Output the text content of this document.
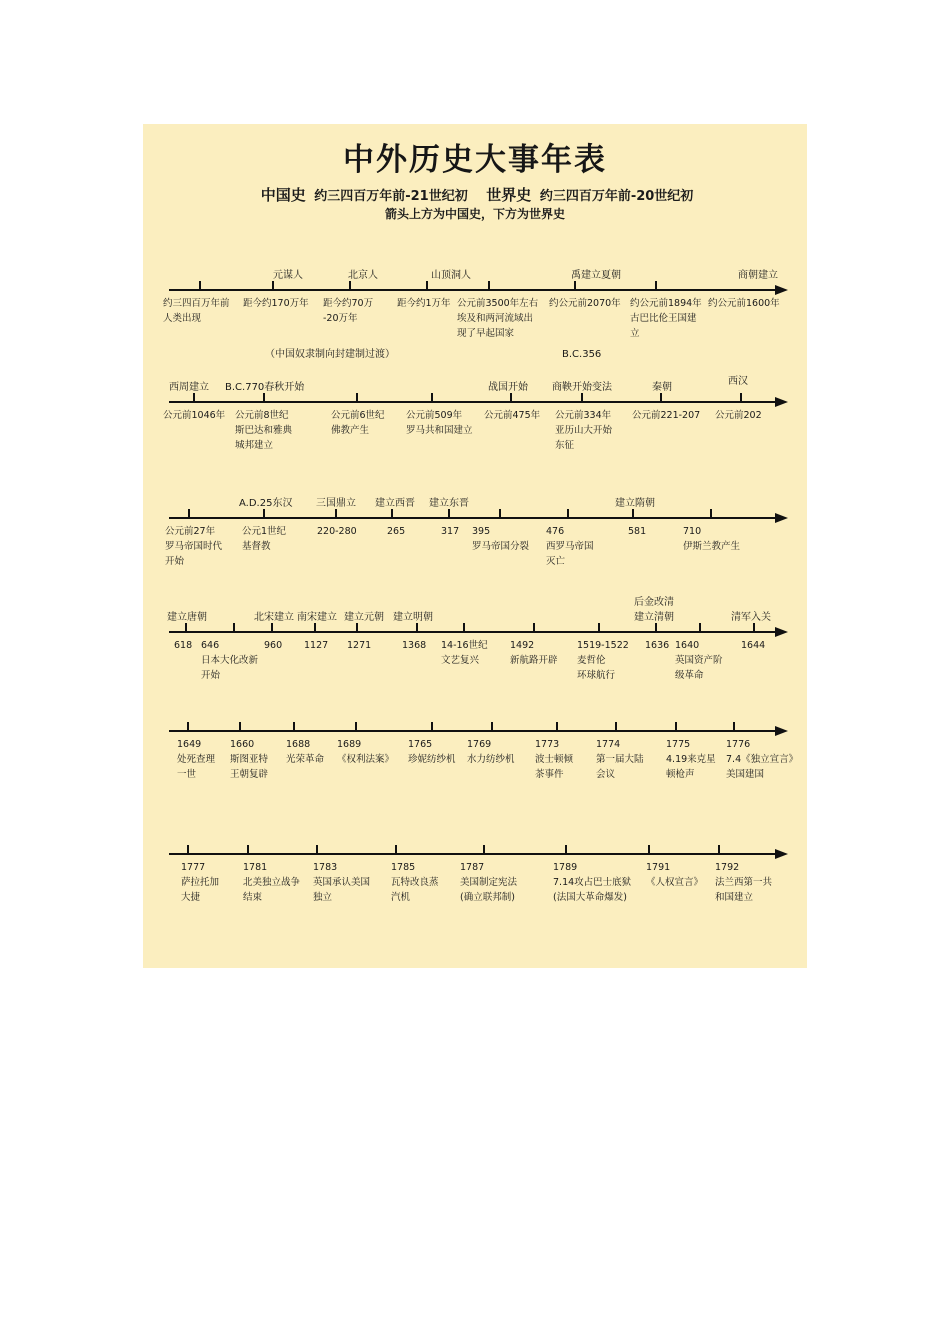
中外历史大事年表
中国史 约三四百万年前-21世纪初 世界史 约三四百万年前-20世纪初
箭头上方为中国史，下方为世界史
元谋人	北京人	山顶洞人	禹建立夏朝	商朝建立
约三四百万年前
人类出现
距今约170万年 距今约70万
-20万年
距今约1万年 公元前3500年左右
埃及和两河流域出
现了早起国家
约公元前2070年 约公元前1894年
古巴比伦王国建
立
约公元前1600年
（中国奴隶制向封建制过渡）
西周建立 B.C.770春秋开始
B.C.356
战国开始 商鞅开始变法	秦朝
西汉
公元前1046年 公元前8世纪
斯巴达和雅典
城邦建立
公元前6世纪
佛教产生
公元前509年
罗马共和国建立
公元前475年 公元前334年
亚历山大开始
东征
公元前221-207 公元前202
A.D.25东汉 三国鼎立 建立西晋 建立东晋	建立隋朝
公元前27年
罗马帝国时代
开始
公元1世纪
基督教
220-280	265	317 395
罗马帝国分裂
476
西罗马帝国
灭亡
581	710
伊斯兰教产生
建立唐朝	北宋建立 南宋建立 建立元朝 建立明朝
后金改清
建立清朝	清军入关
618 646
日本大化改新
开始
960 1127 1271	1368 14-16世纪
文艺复兴
1492
新航路开辟
1519-1522
麦哲伦
环球航行
1636 1640
英国资产阶
级革命
1644
1649
处死查理
一世
1660
斯图亚特
王朝复辟
1688
光荣革命
1689
《权利法案》
1765
珍妮纺纱机
1769
水力纺纱机
1773
波士顿倾
茶事件
1774
第一届大陆
会议
1775
4.19来克星
顿枪声
1776
7.4《独立宣言》
美国建国
1777
萨拉托加
大捷
1781
北美独立战争
结束
1783
英国承认美国
独立
1785
瓦特改良蒸
汽机
1787
美国制定宪法
(确立联邦制)
1789
7.14攻占巴士底狱
(法国大革命爆发)
1791
《人权宣言》
1792
法兰西第一共
和国建立
